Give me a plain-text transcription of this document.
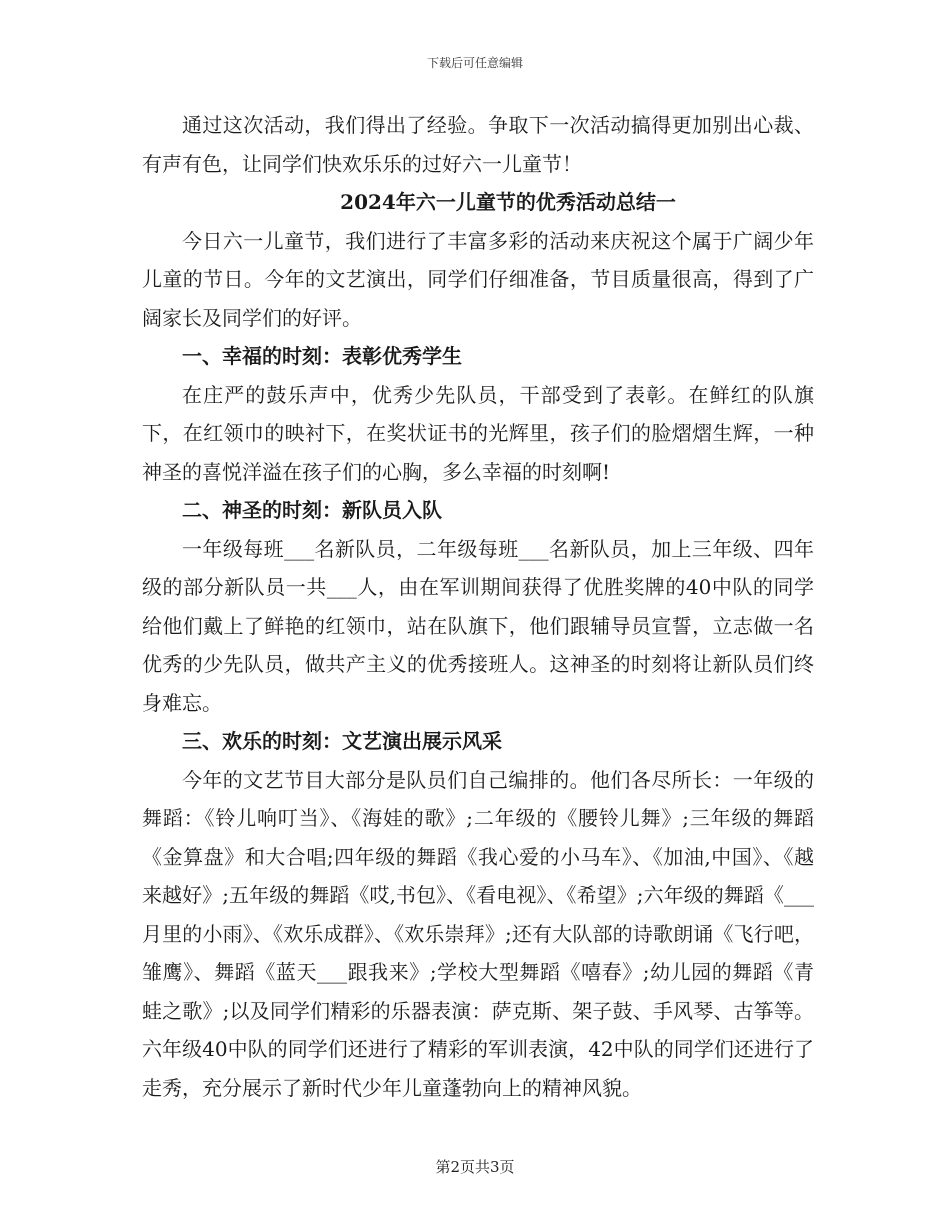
下载后可任意编辑

通过这次活动，我们得出了经验。争取下一次活动搞得更加别出心裁、有声有色，让同学们快欢乐乐的过好六一儿童节！

2024年六一儿童节的优秀活动总结一

今日六一儿童节，我们进行了丰富多彩的活动来庆祝这个属于广阔少年儿童的节日。今年的文艺演出，同学们仔细准备，节目质量很高，得到了广阔家长及同学们的好评。

一、幸福的时刻：表彰优秀学生

在庄严的鼓乐声中，优秀少先队员，干部受到了表彰。在鲜红的队旗下，在红领巾的映衬下，在奖状证书的光辉里，孩子们的脸熠熠生辉，一种神圣的喜悦洋溢在孩子们的心胸，多么幸福的时刻啊!

二、神圣的时刻：新队员入队

一年级每班___名新队员，二年级每班___名新队员，加上三年级、四年级的部分新队员一共___人，由在军训期间获得了优胜奖牌的40中队的同学给他们戴上了鲜艳的红领巾，站在队旗下，他们跟辅导员宣誓，立志做一名优秀的少先队员，做共产主义的优秀接班人。这神圣的时刻将让新队员们终身难忘。

三、欢乐的时刻：文艺演出展示风采

今年的文艺节目大部分是队员们自己编排的。他们各尽所长：一年级的舞蹈：《铃儿响叮当》、《海娃的歌》;二年级的《腰铃儿舞》;三年级的舞蹈《金算盘》和大合唱;四年级的舞蹈《我心爱的小马车》、《加油,中国》、《越来越好》;五年级的舞蹈《哎,书包》、《看电视》、《希望》;六年级的舞蹈《___月里的小雨》、《欢乐成群》、《欢乐崇拜》;还有大队部的诗歌朗诵《飞行吧，雏鹰》、舞蹈《蓝天___跟我来》;学校大型舞蹈《嘻春》;幼儿园的舞蹈《青蛙之歌》;以及同学们精彩的乐器表演：萨克斯、架子鼓、手风琴、古筝等。六年级40中队的同学们还进行了精彩的军训表演，42中队的同学们还进行了走秀，充分展示了新时代少年儿童蓬勃向上的精神风貌。

第2页共3页
